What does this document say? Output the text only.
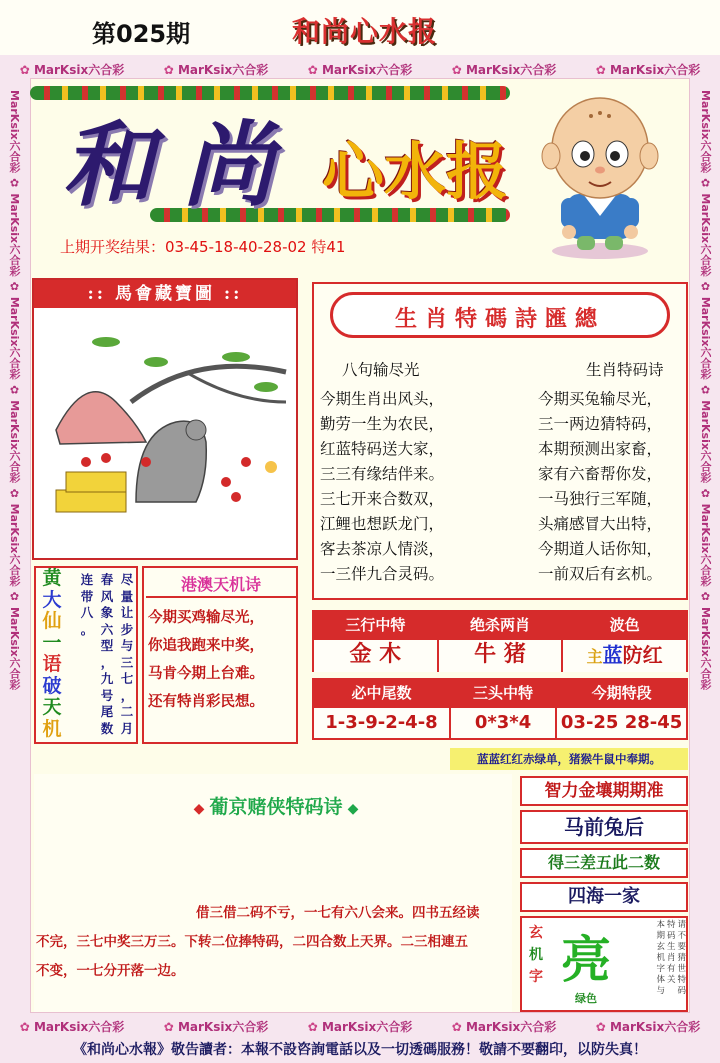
第025期	和尚心水报
✿ MarKsix六合彩	✿ MarKsix六合彩	✿ MarKsix六合彩	✿ MarKsix六合彩	✿ MarKsix六合彩
✿ MarKsix六合彩	✿ MarKsix六合彩	✿ MarKsix六合彩	✿ MarKsix六合彩	✿ MarKsix六合彩
MarKsix六合彩 ✿ MarKsix六合彩 ✿ MarKsix六合彩 ✿ MarKsix六合彩 ✿ MarKsix六合彩 ✿ MarKsix六合彩
MarKsix六合彩 ✿ MarKsix六合彩 ✿ MarKsix六合彩 ✿ MarKsix六合彩 ✿ MarKsix六合彩 ✿ MarKsix六合彩
和 尚 心水报
上期开奖结果：03-45-18-40-28-02 特41
:: 馬會藏寶圖 ::
生肖特碼詩匯總
八句输尽光
今期生肖出风头，
勤劳一生为农民，
红蓝特码送大家，
三三有缘结伴来。
三七开来合数双，
江鲤也想跃龙门，
客去茶凉人情淡，
一三伴九合灵码。
生肖特码诗
今期买兔输尽光，
三一两边猜特码，
本期预测出家畜，
家有六畜帮你发，
一马独行三军随，
头痛感冒大出特，
今期道人话你知，
一前双后有玄机。
黄
大
仙
一
语
破
天
机
尽
量
让
步
与
三
七
，
二
月
春
风
象
六
型
，
九
号
尾
数
连
带
八
。
港澳天机诗
今期买鸡输尽光，
你追我跑来中奖，
马肯今期上台难。
还有特肖彩民想。
三行中特	绝杀两肖	波色
金 木	牛 猪	主蓝防红
必中尾数	三头中特	今期特段
1-3-9-2-4-8	0*3*4	03-25 28-45
蓝蓝红红赤绿单，猪猴牛鼠中奉期。
◆ 葡京赌侠特码诗 ◆
借三借二码不亏，一七有六八会来。四书五经读
不完，三七中奖三万三。下转二位捧特码，二四合数上天界。二三相連五
不变，一七分开落一边。
智力金壤期期准
马前兔后
得三差五此二数
四海一家
玄
机
字 亮
绿色
请
不
要
猜
世
特
码
特
码
生
肖
有
关
本
期
玄
机
字
体
与
《和尚心水報》敬告讀者：本報不設咨詢電話以及一切透碼服務！敬請不要翻印，以防失真！
